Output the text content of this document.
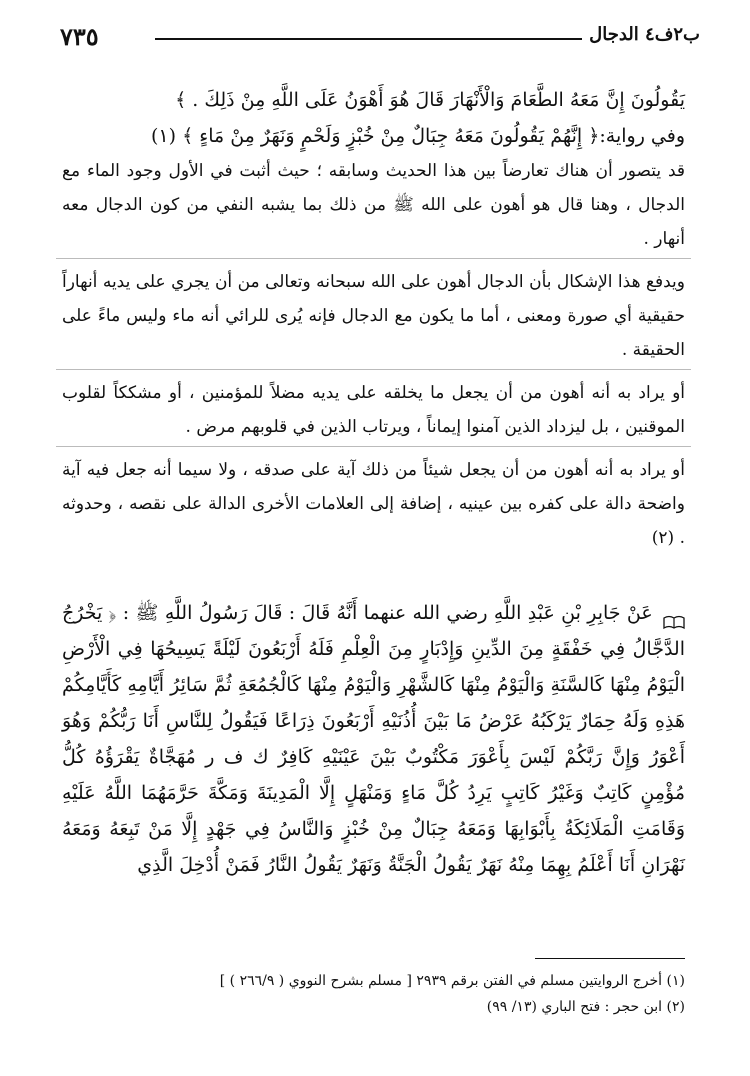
٧٣٥	ب٢ف٤ الدجال

يَقُولُونَ إِنَّ مَعَهُ الطَّعَامَ وَالْأَنْهَارَ قَالَ هُوَ أَهْوَنُ عَلَى اللَّهِ مِنْ ذَلِكَ . ﴾

وفي رواية:﴿ إِنَّهُمْ يَقُولُونَ مَعَهُ جِبَالٌ مِنْ خُبْزٍ وَلَحْمٍ وَنَهَرٌ مِنْ مَاءٍ ﴾ (١)

قد يتصور أن هناك تعارضاً بين هذا الحديث وسابقه ؛ حيث أثبت في الأول وجود الماء مع الدجال ، وهنا قال هو أهون على الله ﷺ من ذلك بما يشبه النفي من كون الدجال معه أنهار .

ويدفع هذا الإشكال بأن الدجال أهون على الله سبحانه وتعالى من أن يجري على يديه أنهاراً حقيقية أي صورة ومعنى ، أما ما يكون مع الدجال فإنه يُرى للرائي أنه ماء وليس ماءً على الحقيقة .

أو يراد به أنه أهون من أن يجعل ما يخلقه على يديه مضلاً للمؤمنين ، أو مشككاً لقلوب الموقنين ، بل ليزداد الذين آمنوا إيماناً ، ويرتاب الذين في قلوبهم مرض .

أو يراد به أنه أهون من أن يجعل شيئاً من ذلك آية على صدقه ، ولا سيما أنه جعل فيه آية واضحة دالة على كفره بين عينيه ، إضافة إلى العلامات الأخرى الدالة على نقصه ، وحدوثه . (٢)

عَنْ جَابِرِ بْنِ عَبْدِ اللَّهِ رضي الله عنهما أَنَّهُ قَالَ : قَالَ رَسُولُ اللَّهِ ﷺ : ﴿ يَخْرُجُ الدَّجَّالُ فِي خَفْقَةٍ مِنَ الدِّينِ وَإِدْبَارٍ مِنَ الْعِلْمِ فَلَهُ أَرْبَعُونَ لَيْلَةً يَسِيحُهَا فِي الْأَرْضِ الْيَوْمُ مِنْهَا كَالسَّنَةِ وَالْيَوْمُ مِنْهَا كَالشَّهْرِ وَالْيَوْمُ مِنْهَا كَالْجُمُعَةِ ثُمَّ سَائِرُ أَيَّامِهِ كَأَيَّامِكُمْ هَذِهِ وَلَهُ حِمَارٌ يَرْكَبُهُ عَرْضُ مَا بَيْنَ أُذُنَيْهِ أَرْبَعُونَ ذِرَاعًا فَيَقُولُ لِلنَّاسِ أَنَا رَبُّكُمْ وَهُوَ أَعْوَرُ وَإِنَّ رَبَّكُمْ لَيْسَ بِأَعْوَرَ مَكْتُوبٌ بَيْنَ عَيْنَيْهِ كَافِرٌ ك ف ر مُهَجَّاةٌ يَقْرَؤُهُ كُلُّ مُؤْمِنٍ كَاتِبٌ وَغَيْرُ كَاتِبٍ يَرِدُ كُلَّ مَاءٍ وَمَنْهَلٍ إِلَّا الْمَدِينَةَ وَمَكَّةَ حَرَّمَهُمَا اللَّهُ عَلَيْهِ وَقَامَتِ الْمَلَائِكَةُ بِأَبْوَابِهَا وَمَعَهُ جِبَالٌ مِنْ خُبْزٍ وَالنَّاسُ فِي جَهْدٍ إِلَّا مَنْ تَبِعَهُ وَمَعَهُ نَهْرَانِ أَنَا أَعْلَمُ بِهِمَا مِنْهُ نَهَرٌ يَقُولُ الْجَنَّةُ وَنَهَرٌ يَقُولُ النَّارُ فَمَنْ أُدْخِلَ الَّذِي

(١) أخرج الروايتين مسلم في الفتن برقم ٢٩٣٩ [ مسلم بشرح النووي ( ٢٦٦/٩ ) ]

(٢) ابن حجر : فتح الباري (١٣/ ٩٩)
